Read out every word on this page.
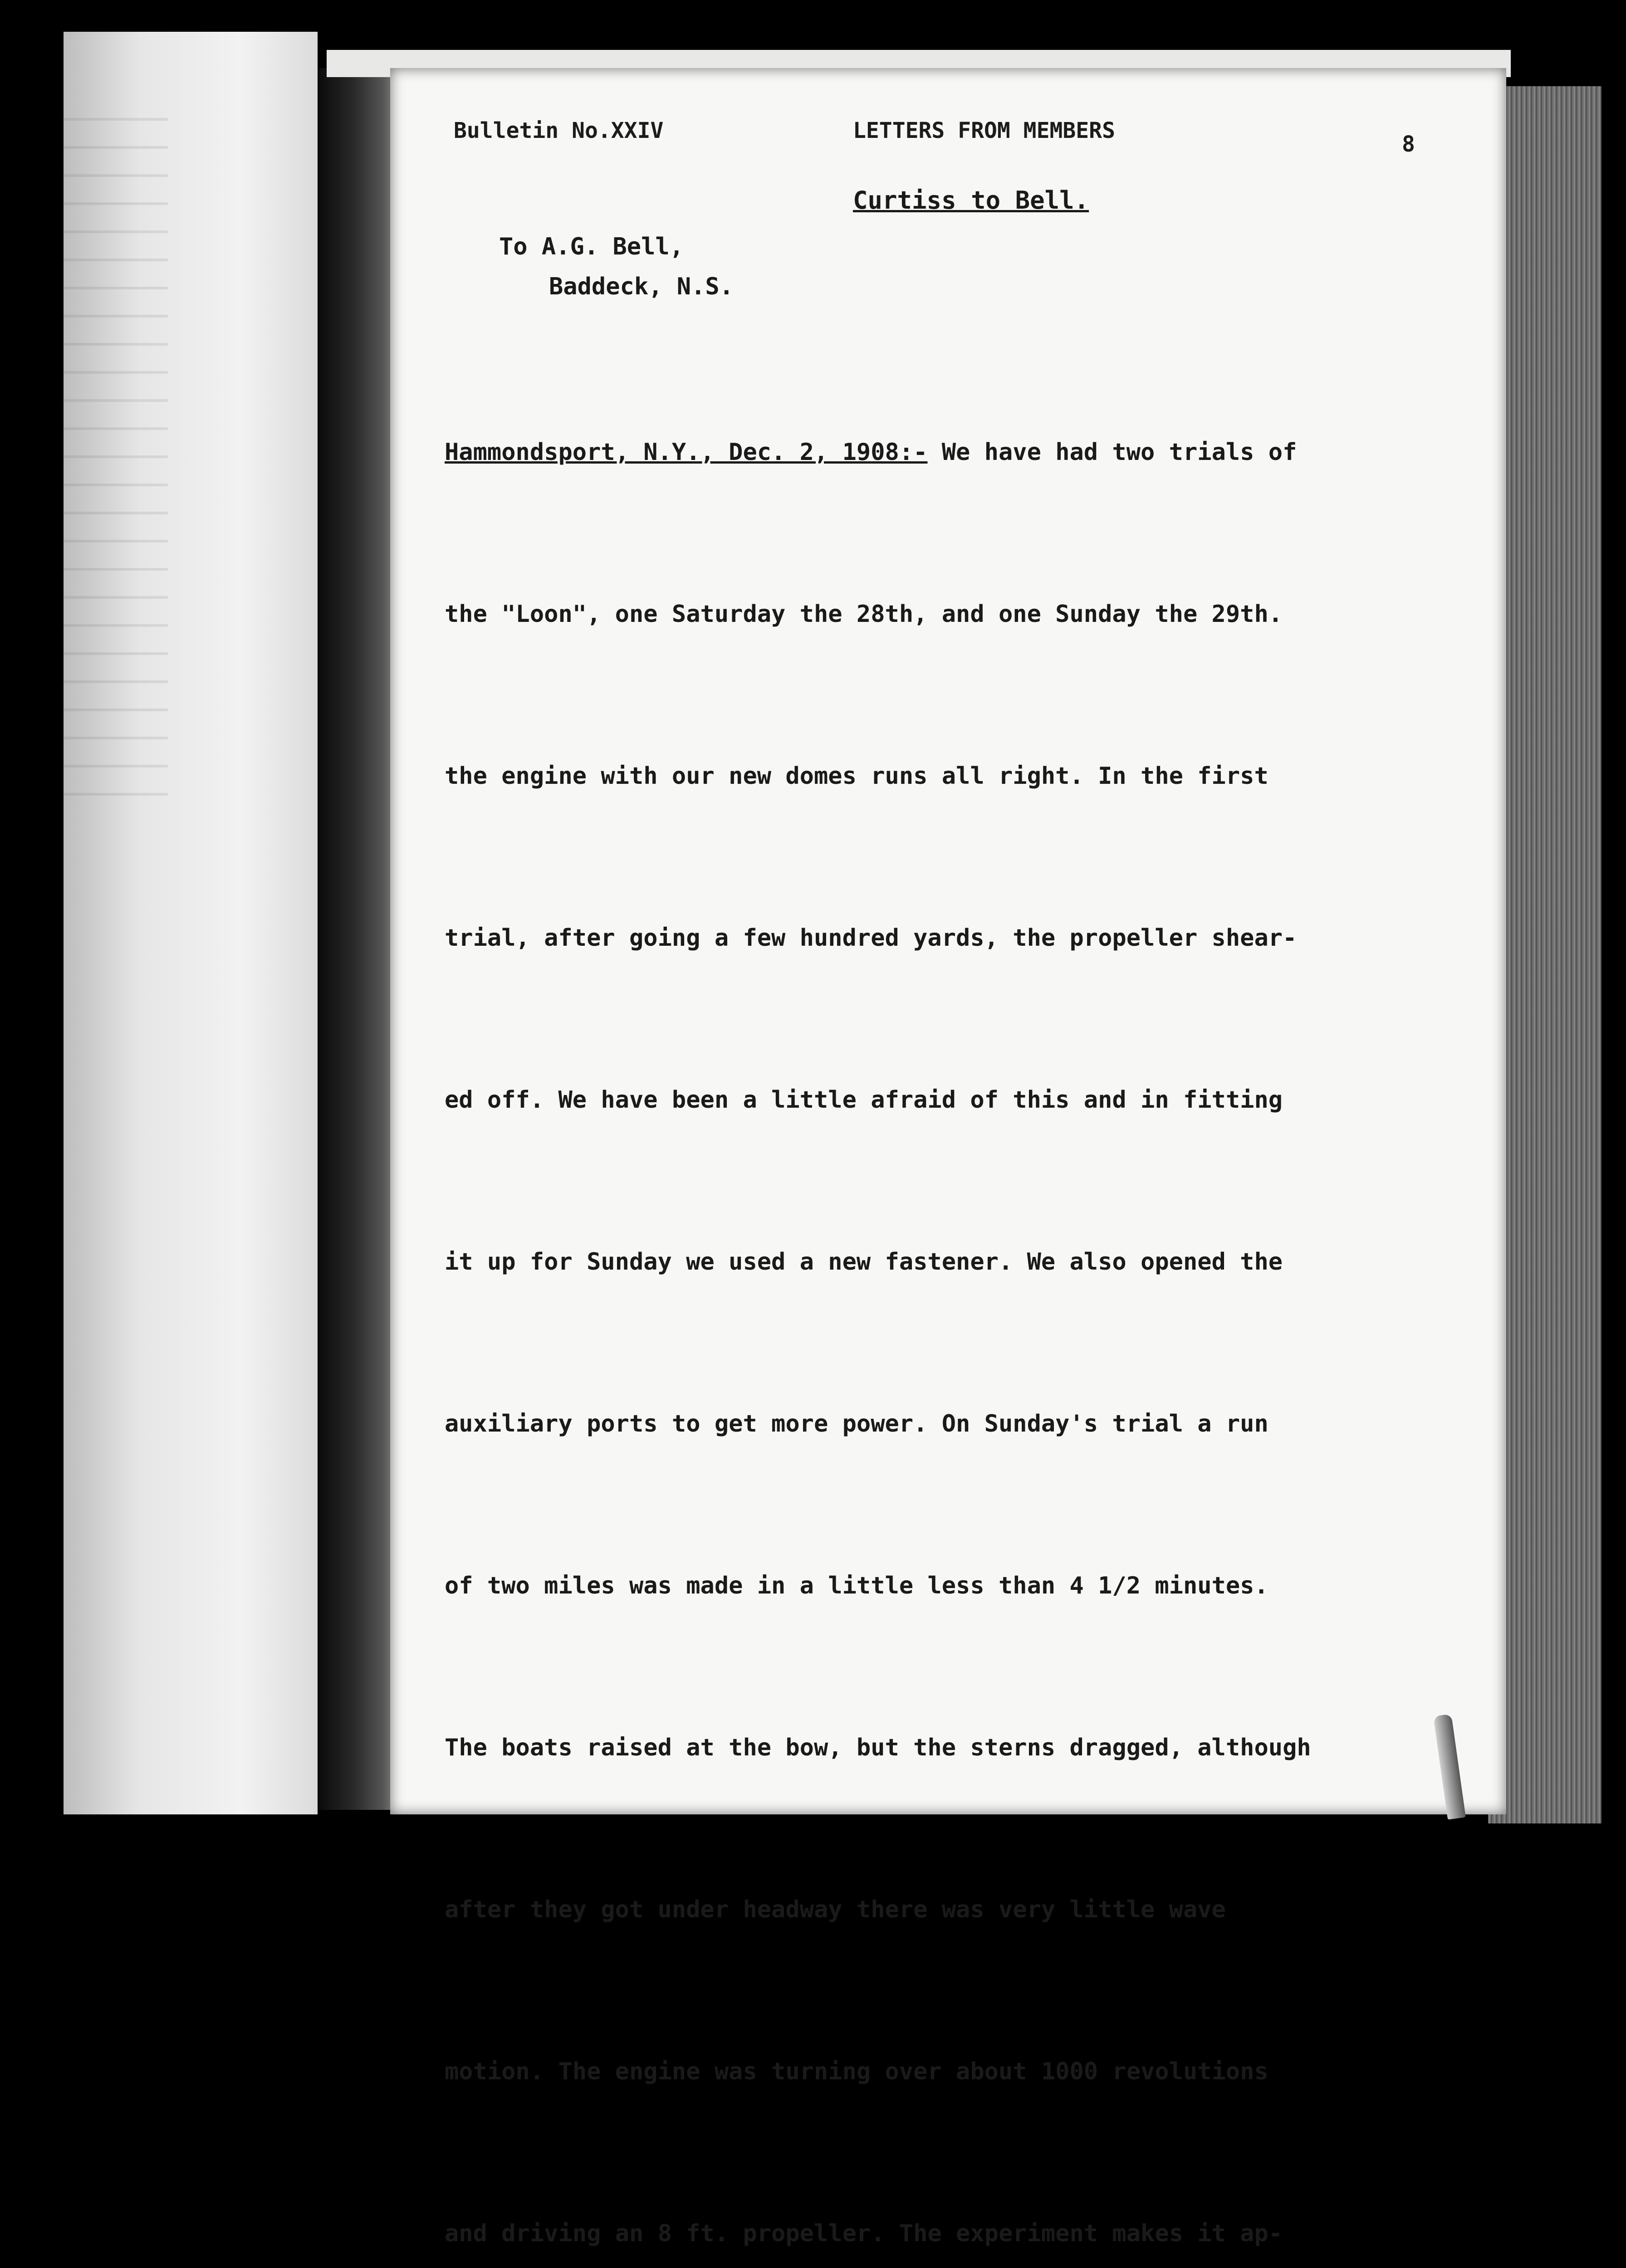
Bulletin No.XXIV	LETTERS FROM MEMBERS
8
Curtiss to Bell.
To A.G. Bell,
Baddeck, N.S.

Hammondsport, N.Y., Dec. 2, 1908:- We have had two trials of

the "Loon", one Saturday the 28th, and one Sunday the 29th.

the engine with our new domes runs all right. In the first

trial, after going a few hundred yards, the propeller shear-

ed off. We have been a little afraid of this and in fitting

it up for Sunday we used a new fastener. We also opened the

auxiliary ports to get more power. On Sunday's trial a run

of two miles was made in a little less than 4 1/2 minutes.

The boats raised at the bow, but the sterns dragged, although

after they got under headway there was very little wave

motion. The engine was turning over about 1000 revolutions

and driving an 8 ft. propeller. The experiment makes it ap-
